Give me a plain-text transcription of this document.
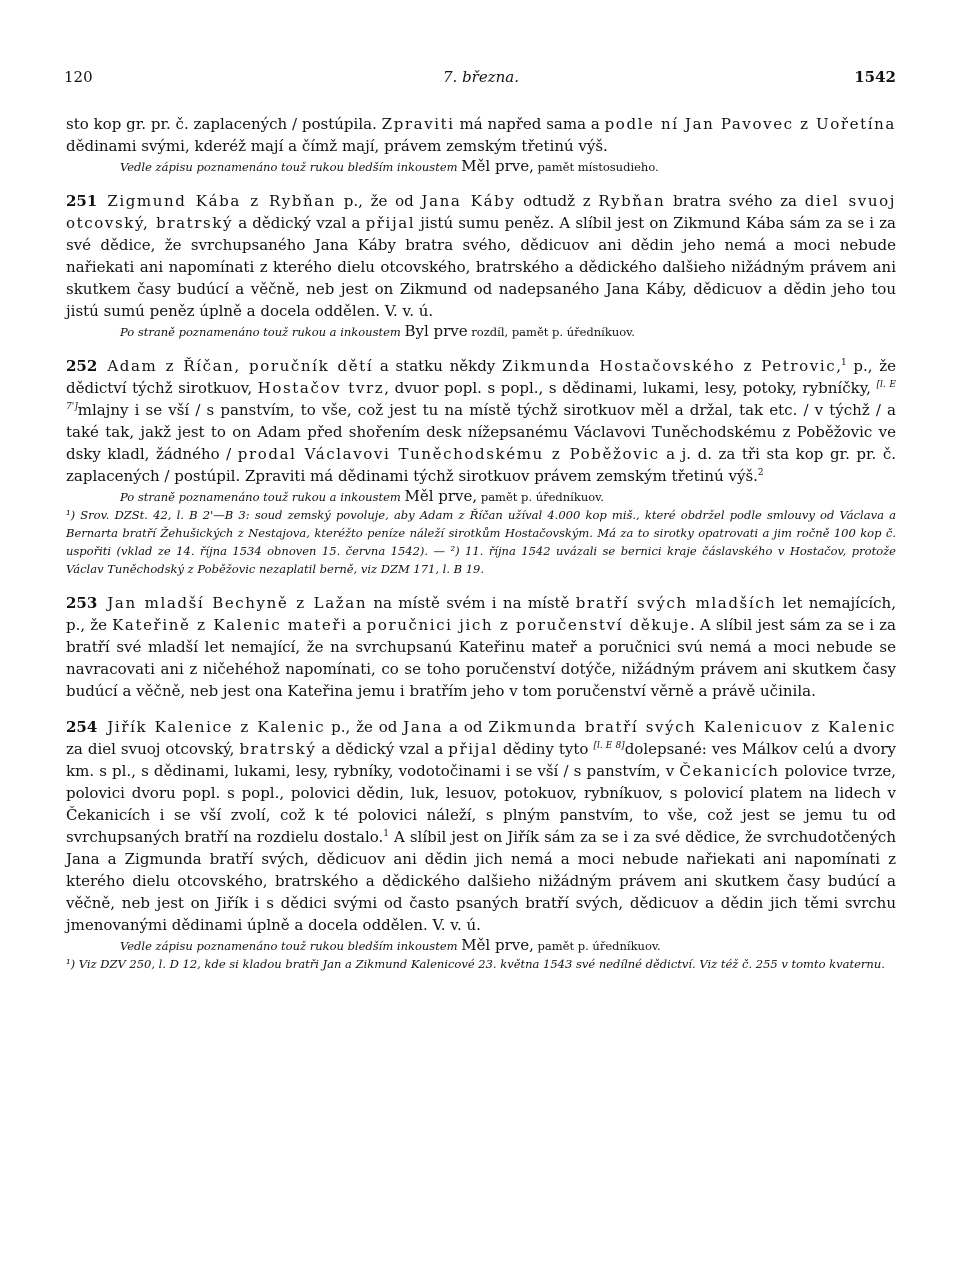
120	7. března.	1542

sto kop gr. pr. č. zaplacených / postúpila. Zpraviti má napřed sama a podle ní Jan Pavovec z Uořetína dědinami svými, kderéž mají a čímž mají, právem zemským třetinú výš.

Vedle zápisu poznamenáno touž rukou bledším inkoustem Měl prve, pamět místosudieho.

251 Zigmund Kába z Rybňan p., že od Jana Káby odtudž z Rybňan bratra svého za diel svuoj otcovský, bratrský a dědický vzal a přijal jistú sumu peněz. A slíbil jest on Zikmund Kába sám za se i za své dědice, že svrchupsaného Jana Káby bratra svého, dědicuov ani dědin jeho nemá a moci nebude nařiekati ani napomínati z kterého dielu otcovského, bratrského a dědického dalšieho nižádným právem ani skutkem časy budúcí a věčně, neb jest on Zikmund od nadepsaného Jana Káby, dědicuov a dědin jeho tou jistú sumú peněz úplně a docela oddělen. V. v. ú.

Po straně poznamenáno touž rukou a inkoustem Byl prve rozdíl, pamět p. úředníkuov.

252 Adam z Říčan, poručník dětí a statku někdy Zikmunda Hostačovského z Petrovic,$^1$ p., že dědictví týchž sirotkuov, Hostačov tvrz, dvuor popl. s popl., s dědinami, lukami, lesy, potoky, rybníčky, [l. E 7']mlajny i se vší / s panstvím, to vše, což jest tu na místě týchž sirotkuov měl a držal, tak etc. / v týchž / a také tak, jakž jest to on Adam před shořením desk nížepsanému Václavovi Tuněchodskému z Poběžovic ve dsky kladl, žádného / prodal Václavovi Tuněchodskému z Poběžovic a j. d. za tři sta kop gr. pr. č. zaplacených / postúpil. Zpraviti má dědinami týchž sirotkuov právem zemským třetinú výš.$^2$

Po straně poznamenáno touž rukou a inkoustem Měl prve, pamět p. úředníkuov.

¹) Srov. DZSt. 42, l. B 2'—B 3: soud zemský povoluje, aby Adam z Říčan užíval 4.000 kop miš., které obdržel podle smlouvy od Václava a Bernarta bratří Žehušických z Nestajova, kteréžto peníze náleží sirotkům Hostačovským. Má za to sirotky opatrovati a jim ročně 100 kop č. uspořiti (vklad ze 14. října 1534 obnoven 15. června 1542). — ²) 11. října 1542 uvázali se bernici kraje čáslavského v Hostačov, protože Václav Tuněchodský z Poběžovic nezaplatil berně, viz DZM 171, l. B 19.

253 Jan mladší Bechyně z Lažan na místě svém i na místě bratří svých mladších let nemajících, p., že Kateřině z Kalenic mateři a poručnici jich z poručenství děkuje. A slíbil jest sám za se i za bratří své mladší let nemající, že na svrchupsanú Kateřinu mateř a poručnici svú nemá a moci nebude se navracovati ani z ničehéhož napomínati, co se toho poručenství dotýče, nižádným právem ani skutkem časy budúcí a věčně, neb jest ona Kateřina jemu i bratřím jeho v tom poručenství věrně a právě učinila.

254 Jiřík Kalenice z Kalenic p., že od Jana a od Zikmunda bratří svých Kalenicuov z Kalenic za diel svuoj otcovský, bratrský a dědický vzal a přijal dědiny tyto [l. E 8]dolepsané: ves Málkov celú a dvory km. s pl., s dědinami, lukami, lesy, rybníky, vodotočinami i se vší / s panstvím, v Čekanicích polovice tvrze, polovici dvoru popl. s popl., polovici dědin, luk, lesuov, potokuov, rybníkuov, s polovicí platem na lidech v Čekanicích i se vší zvolí, což k té polovici náleží, s plným panstvím, to vše, což jest se jemu tu od svrchupsaných bratří na rozdielu dostalo.$^1$ A slíbil jest on Jiřík sám za se i za své dědice, že svrchudotčených Jana a Zigmunda bratří svých, dědicuov ani dědin jich nemá a moci nebude nařiekati ani napomínati z kterého dielu otcovského, bratrského a dědického dalšieho nižádným právem ani skutkem časy budúcí a věčně, neb jest on Jiřík i s dědici svými od často psaných bratří svých, dědicuov a dědin jich těmi svrchu jmenovanými dědinami úplně a docela oddělen. V. v. ú.

Vedle zápisu poznamenáno touž rukou bledším inkoustem Měl prve, pamět p. úředníkuov.

¹) Viz DZV 250, l. D 12, kde si kladou bratři Jan a Zikmund Kalenicové 23. května 1543 své nedílné dědictví. Viz též č. 255 v tomto kvaternu.
